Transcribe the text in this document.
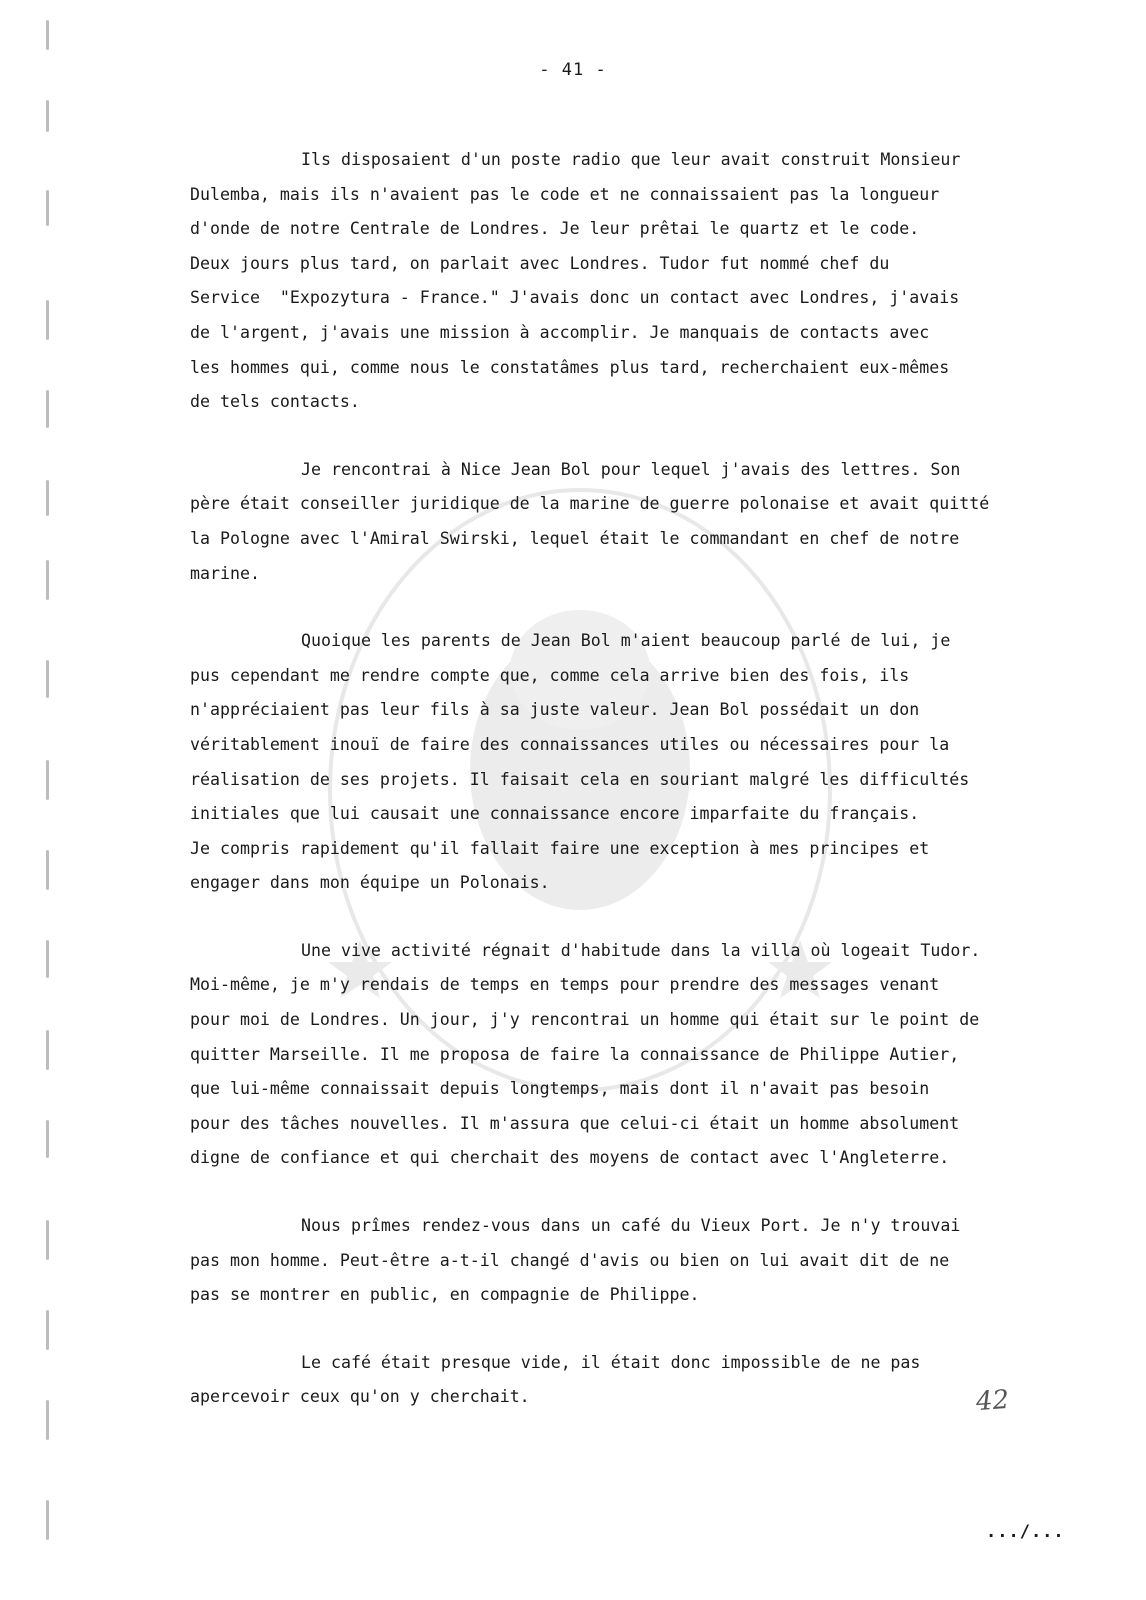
- 41 -
Ils disposaient d'un poste radio que leur avait construit Monsieur
Dulemba, mais ils n'avaient pas le code et ne connaissaient pas la longueur
d'onde de notre Centrale de Londres. Je leur prêtai le quartz et le code.
Deux jours plus tard, on parlait avec Londres. Tudor fut nommé chef du
Service  "Expozytura - France." J'avais donc un contact avec Londres, j'avais
de l'argent, j'avais une mission à accomplir. Je manquais de contacts avec
les hommes qui, comme nous le constatâmes plus tard, recherchaient eux-mêmes
de tels contacts.
Je rencontrai à Nice Jean Bol pour lequel j'avais des lettres. Son
père était conseiller juridique de la marine de guerre polonaise et avait quitté
la Pologne avec l'Amiral Swirski, lequel était le commandant en chef de notre
marine.
Quoique les parents de Jean Bol m'aient beaucoup parlé de lui, je
pus cependant me rendre compte que, comme cela arrive bien des fois, ils
n'appréciaient pas leur fils à sa juste valeur. Jean Bol possédait un don
véritablement inouï de faire des connaissances utiles ou nécessaires pour la
réalisation de ses projets. Il faisait cela en souriant malgré les difficultés
initiales que lui causait une connaissance encore imparfaite du français.
Je compris rapidement qu'il fallait faire une exception à mes principes et
engager dans mon équipe un Polonais.
Une vive activité régnait d'habitude dans la villa où logeait Tudor.
Moi-même, je m'y rendais de temps en temps pour prendre des messages venant
pour moi de Londres. Un jour, j'y rencontrai un homme qui était sur le point de
quitter Marseille. Il me proposa de faire la connaissance de Philippe Autier,
que lui-même connaissait depuis longtemps, mais dont il n'avait pas besoin
pour des tâches nouvelles. Il m'assura que celui-ci était un homme absolument
digne de confiance et qui cherchait des moyens de contact avec l'Angleterre.
Nous prîmes rendez-vous dans un café du Vieux Port. Je n'y trouvai
pas mon homme. Peut-être a-t-il changé d'avis ou bien on lui avait dit de ne
pas se montrer en public, en compagnie de Philippe.
Le café était presque vide, il était donc impossible de ne pas
apercevoir ceux qu'on y cherchait.	42
.../...
